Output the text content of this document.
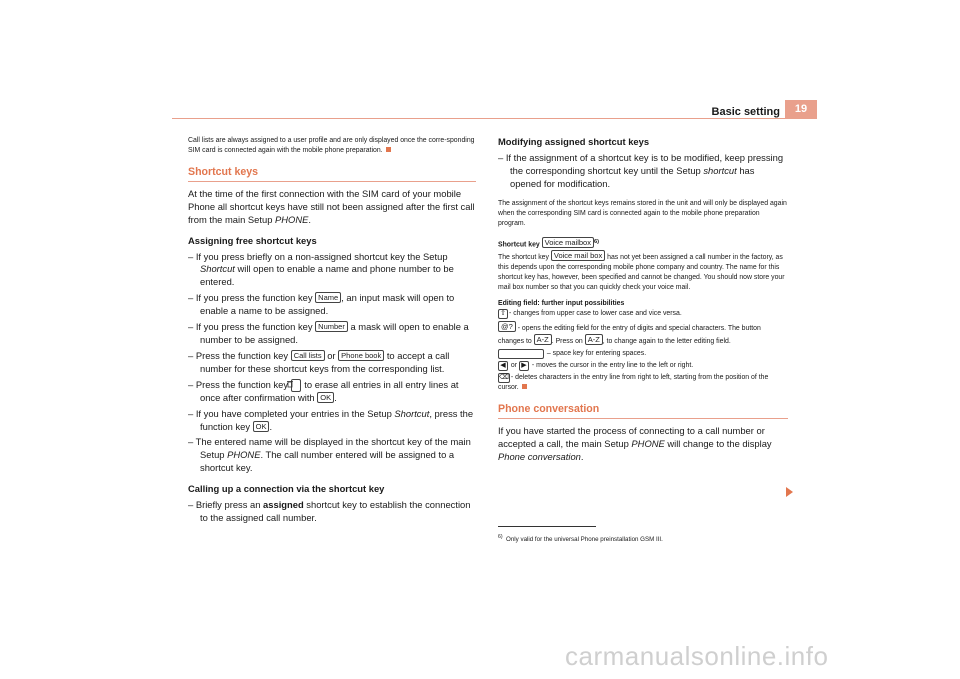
Basic setting	19

Call lists are always assigned to a user profile and are only displayed once the corre-sponding SIM card is connected again with the mobile phone preparation.

Shortcut keys

At the time of the first connection with the SIM card of your mobile Phone all shortcut keys have still not been assigned after the first call from the main Setup PHONE.

Assigning free shortcut keys

– If you press briefly on a non-assigned shortcut key the Setup Shortcut will open to enable a name and phone number to be entered.

– If you press the function key Name , an input mask will open to enable a name to be assigned.

– If you press the function key Number a mask will open to enable a number to be assigned.

– Press the function key Call lists or Phone book to accept a call number for these shortcut keys from the corresponding list.

– Press the function key to erase all entries in all entry lines at once after confirmation with OK .

– If you have completed your entries in the Setup Shortcut, press the function key OK .

– The entered name will be displayed in the shortcut key of the main Setup PHONE. The call number entered will be assigned to a shortcut key.

Calling up a connection via the shortcut key

– Briefly press an assigned shortcut key to establish the connection to the assigned call number.

Modifying assigned shortcut keys

– If the assignment of a shortcut key is to be modified, keep pressing the corresponding shortcut key until the Setup shortcut has opened for modification.

The assignment of the shortcut keys remains stored in the unit and will only be displayed again when the corresponding SIM card is connected again to the mobile phone preparation program.

Shortcut key Voice mailbox $^{6)}$

The shortcut key Voice mail box has not yet been assigned a call number in the factory, as this depends upon the corresponding mobile phone company and country. The name for this shortcut key has, however, been specified and cannot be changed. You should now store your mail box number so that you can quickly check your voice mail.

Editing field: further input possibilities

⇧ - changes from upper case to lower case and vice versa.

@? - opens the editing field for the entry of digits and special characters. The button changes to A-Z . Press on A-Z , to change again to the letter editing field.

– space key for entering spaces.

◀ or ▶ - moves the cursor in the entry line to the left or right.

⌫ - deletes characters in the entry line from right to left, starting from the position of the cursor.

Phone conversation

If you have started the process of connecting to a call number or accepted a call, the main Setup PHONE will change to the display Phone conversation.

$^{6)}$ Only valid for the universal Phone preinstallation GSM III.
carmanualsonline.info
